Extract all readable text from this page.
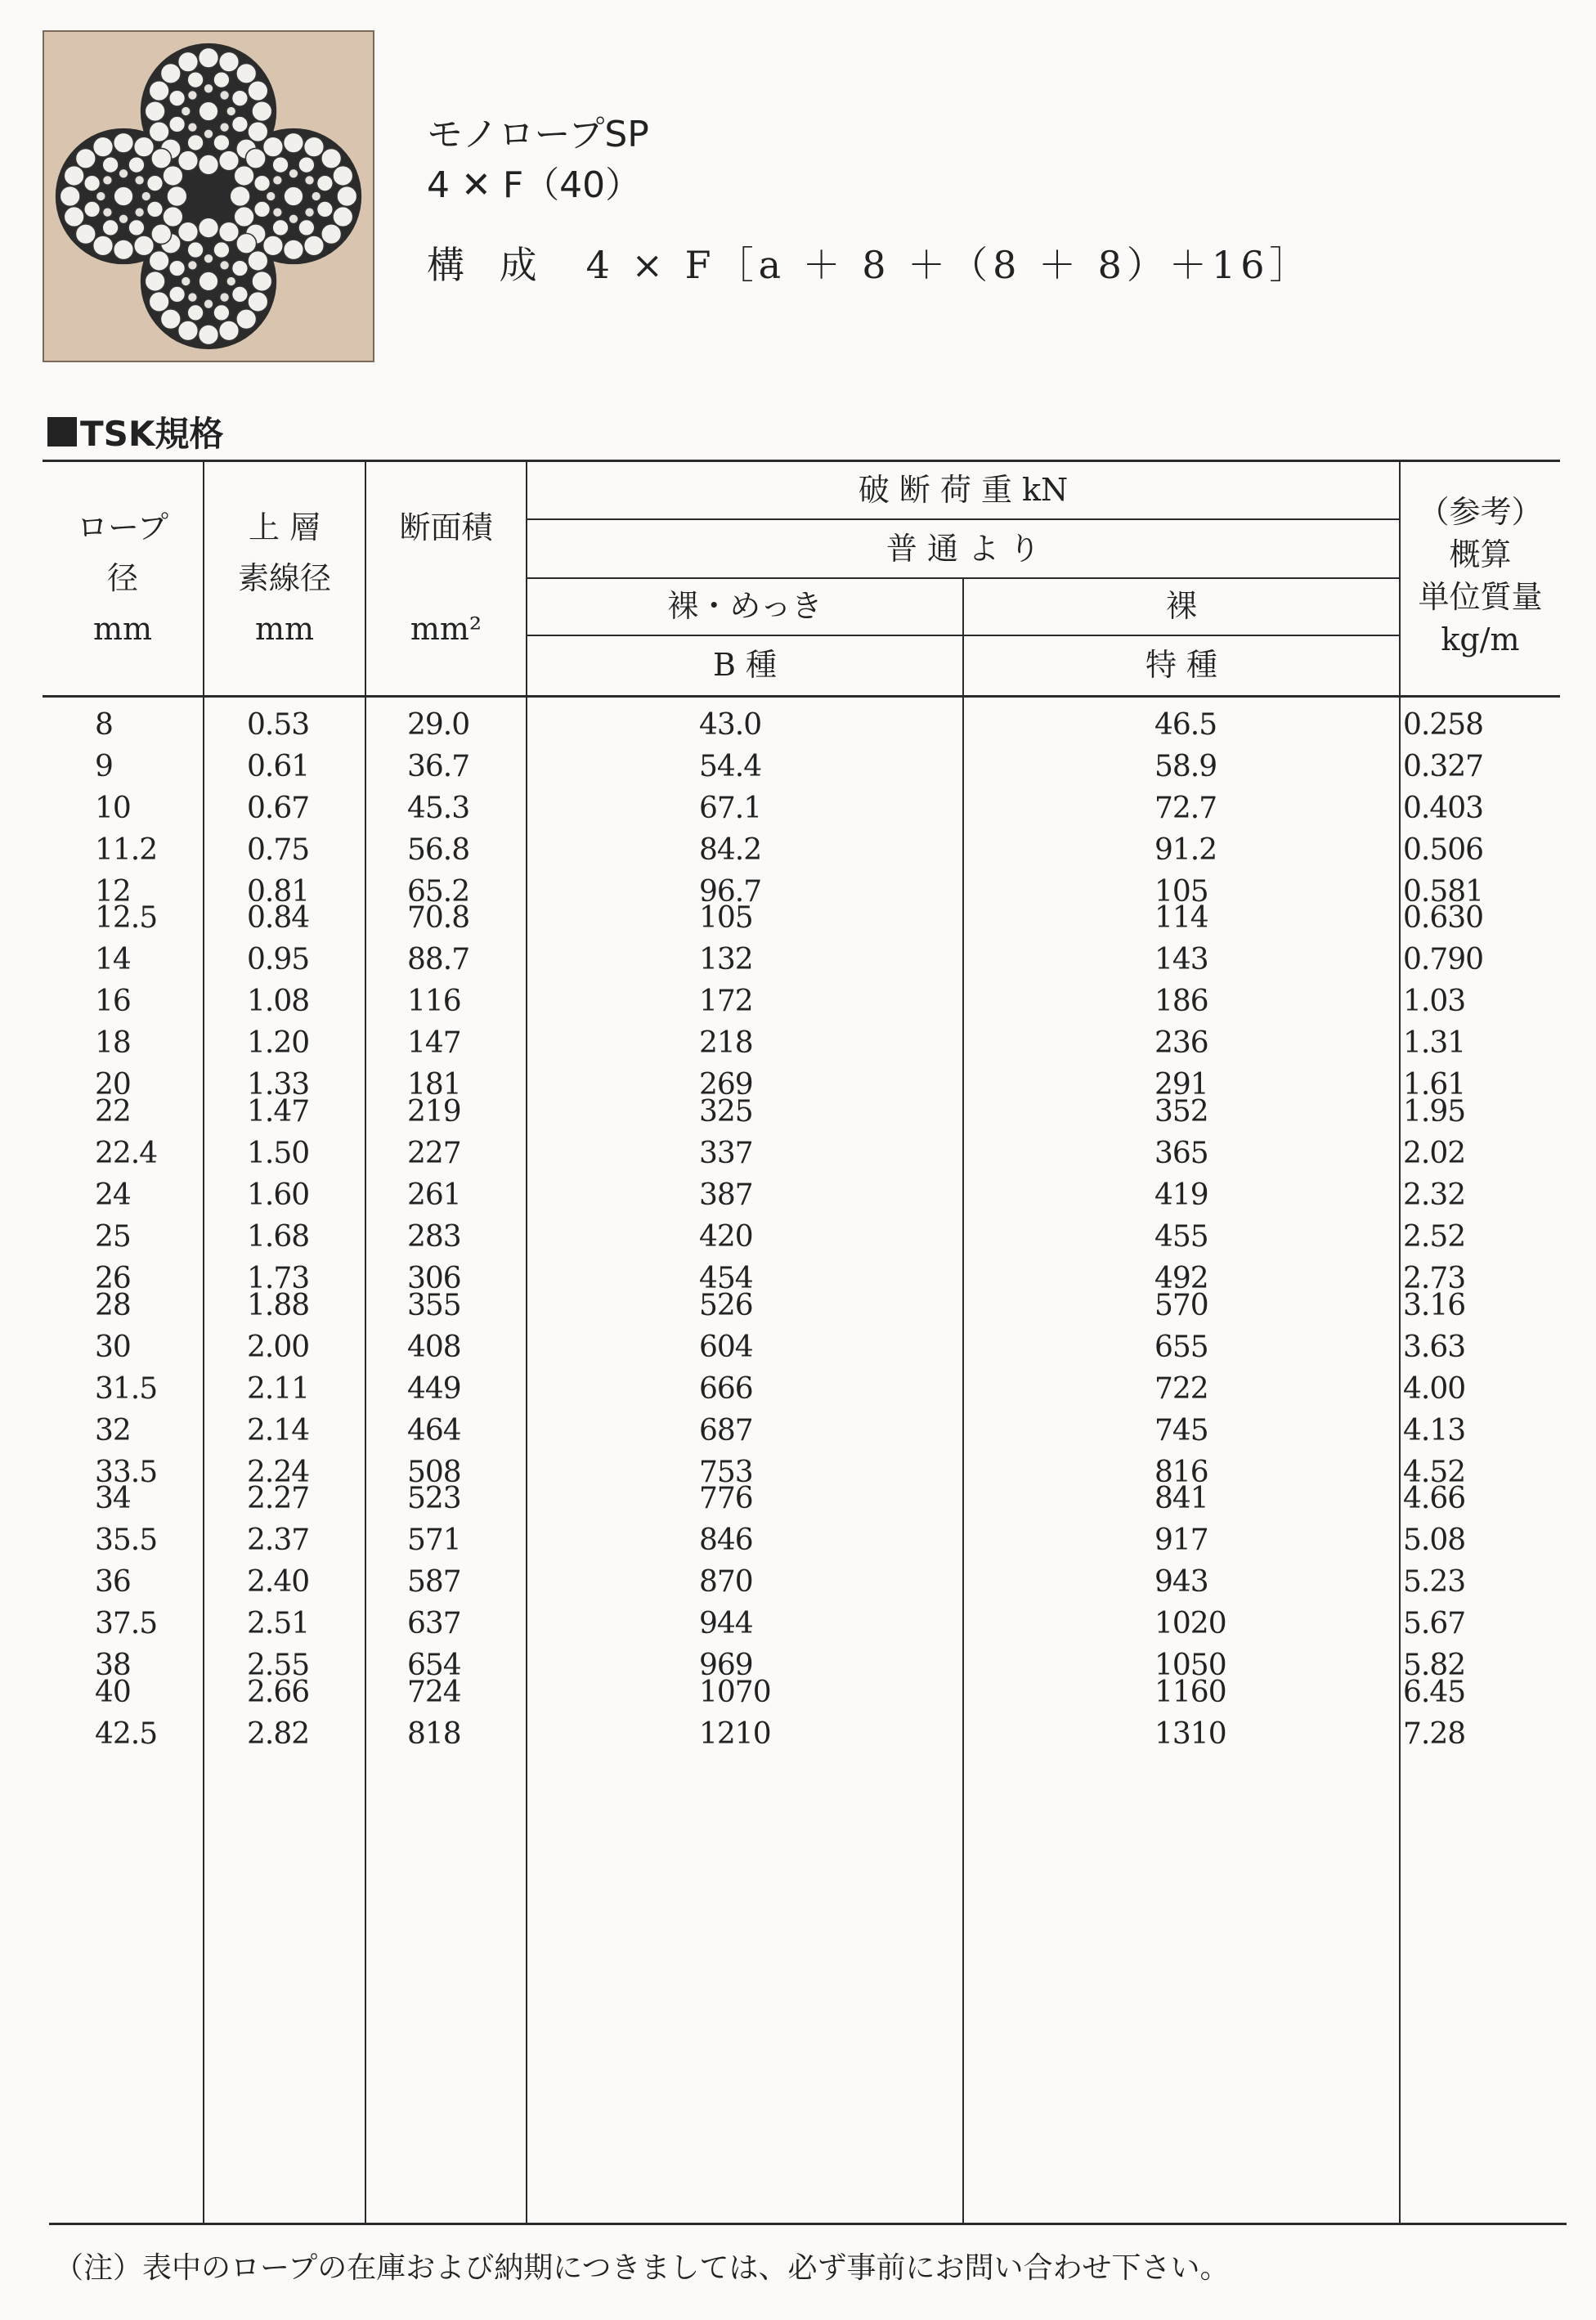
モノロープSP
4 ✕ F（40）
構 成 4 × F［a ＋ 8 ＋（8 ＋ 8）＋16］
TSK規格
ロープ
径
mm
上 層
素線径
mm
断面積
mm²
破 断 荷 重 kN
普 通 よ り
裸・めっき
B 種
裸
特 種
（参考）
概算
単位質量
kg/m
8	0.53	29.0	43.0	46.5	0.258
9	0.61	36.7	54.4	58.9	0.327
10	0.67	45.3	67.1	72.7	0.403
11.2	0.75	56.8	84.2	91.2	0.506
12	0.81	65.2	96.7	105	0.581
12.5	0.84	70.8	105	114	0.630
14	0.95	88.7	132	143	0.790
16	1.08	116	172	186	1.03
18	1.20	147	218	236	1.31
20	1.33	181	269	291	1.61
22	1.47	219	325	352	1.95
22.4	1.50	227	337	365	2.02
24	1.60	261	387	419	2.32
25	1.68	283	420	455	2.52
26	1.73	306	454	492	2.73
28	1.88	355	526	570	3.16
30	2.00	408	604	655	3.63
31.5	2.11	449	666	722	4.00
32	2.14	464	687	745	4.13
33.5	2.24	508	753	816	4.52
34	2.27	523	776	841	4.66
35.5	2.37	571	846	917	5.08
36	2.40	587	870	943	5.23
37.5	2.51	637	944	1020	5.67
38	2.55	654	969	1050	5.82
40	2.66	724	1070	1160	6.45
42.5	2.82	818	1210	1310	7.28
（注）表中のロープの在庫および納期につきましては、必ず事前にお問い合わせ下さい。
